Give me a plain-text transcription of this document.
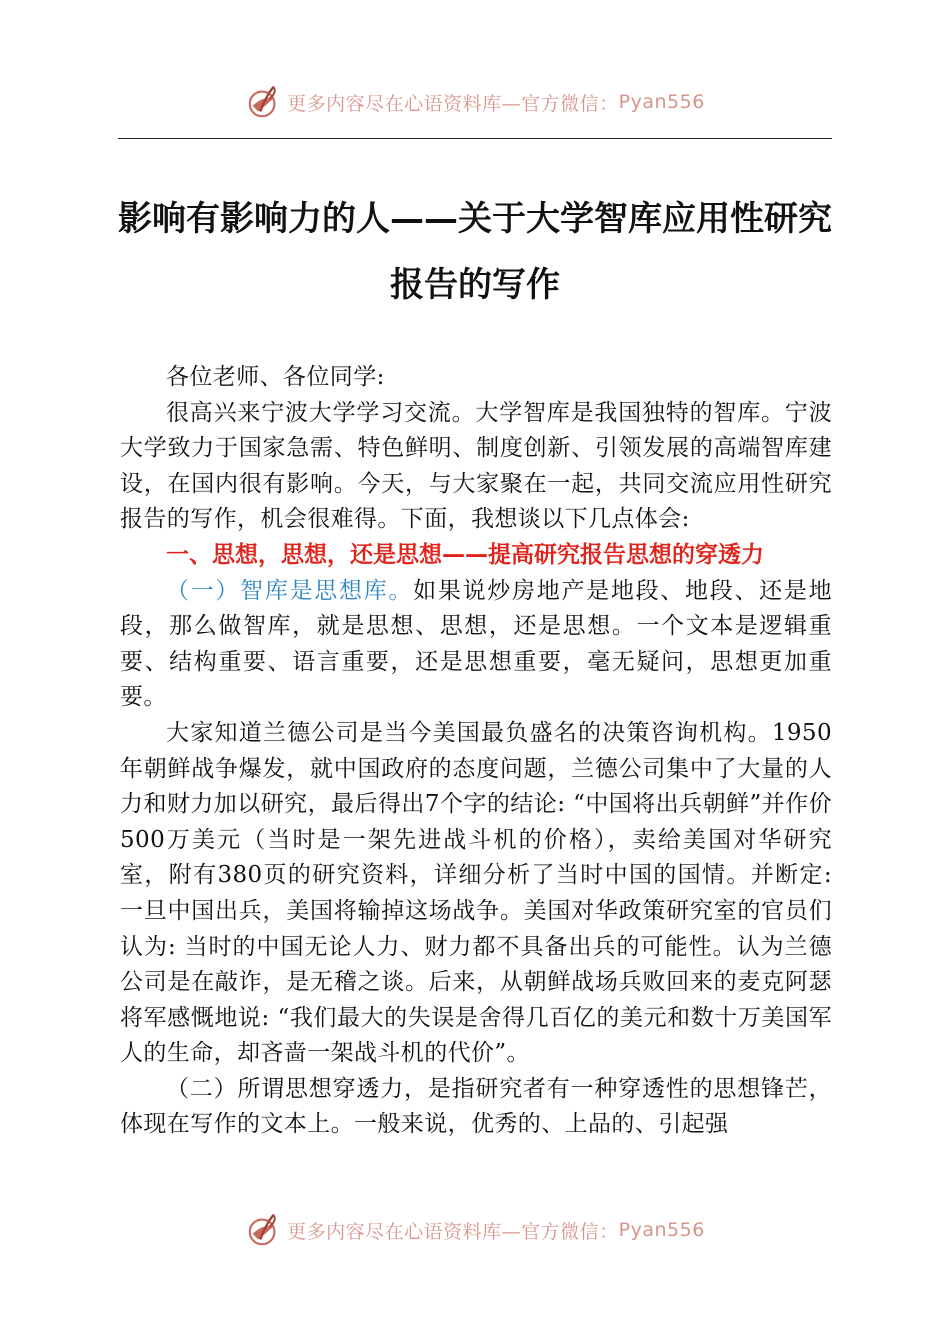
更多内容尽在心语资料库—官方微信： Pyan556
影响有影响力的人——关于大学智库应用性研究报告的写作

各位老师、各位同学:

很高兴来宁波大学学习交流。大学智库是我国独特的智库。宁波大学致力于国家急需、特色鲜明、制度创新、引领发展的高端智库建设，在国内很有影响。今天，与大家聚在一起，共同交流应用性研究报告的写作，机会很难得。下面，我想谈以下几点体会:

一、思想，思想，还是思想——提高研究报告思想的穿透力

（一）智库是思想库。如果说炒房地产是地段、地段、还是地段，那么做智库，就是思想、思想，还是思想。一个文本是逻辑重要、结构重要、语言重要，还是思想重要，毫无疑问，思想更加重要。

大家知道兰德公司是当今美国最负盛名的决策咨询机构。1950年朝鲜战争爆发，就中国政府的态度问题，兰德公司集中了大量的人力和财力加以研究，最后得出7个字的结论: “中国将出兵朝鲜”并作价500万美元（当时是一架先进战斗机的价格），卖给美国对华研究室，附有380页的研究资料，详细分析了当时中国的国情。并断定: 一旦中国出兵，美国将输掉这场战争。美国对华政策研究室的官员们认为: 当时的中国无论人力、财力都不具备出兵的可能性。认为兰德公司是在敲诈，是无稽之谈。后来，从朝鲜战场兵败回来的麦克阿瑟将军感慨地说: “我们最大的失误是舍得几百亿的美元和数十万美国军人的生命，却吝啬一架战斗机的代价”。

（二）所谓思想穿透力，是指研究者有一种穿透性的思想锋芒，体现在写作的文本上。一般来说，优秀的、上品的、引起强

更多内容尽在心语资料库—官方微信： Pyan556
